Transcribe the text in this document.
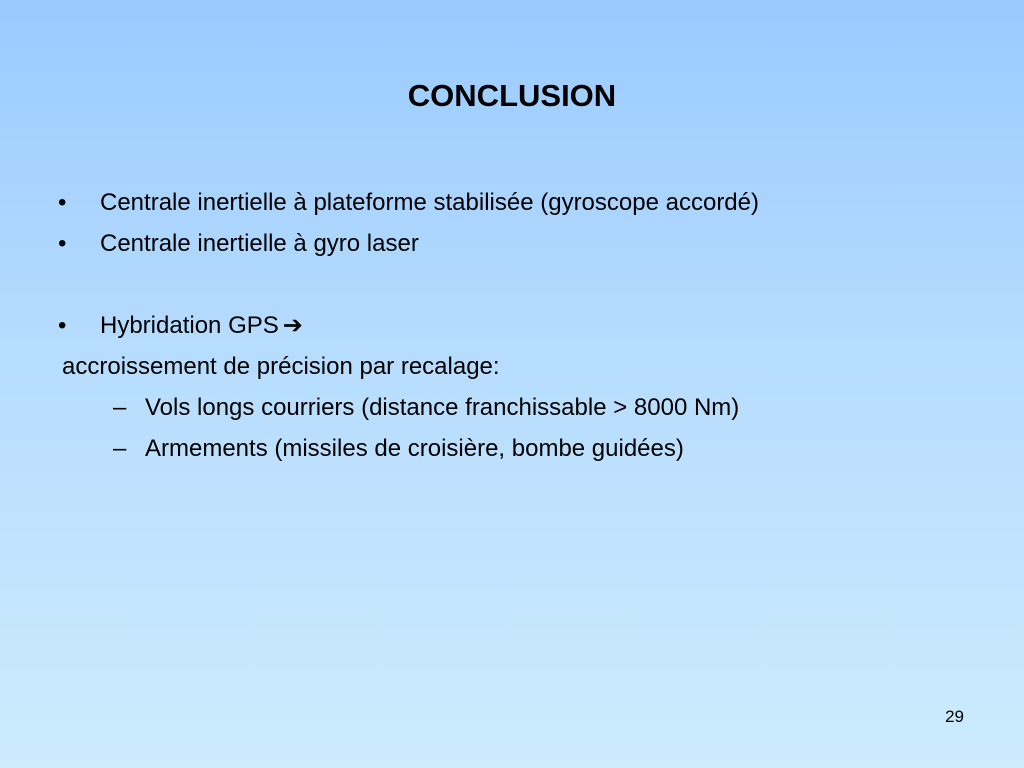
CONCLUSION
• Centrale inertielle à plateforme stabilisée (gyroscope accordé)
• Centrale inertielle à gyro laser
• Hybridation GPS ➔
accroissement de précision par recalage:
– Vols longs courriers (distance franchissable > 8000 Nm)
– Armements (missiles de croisière, bombe guidées)
29
